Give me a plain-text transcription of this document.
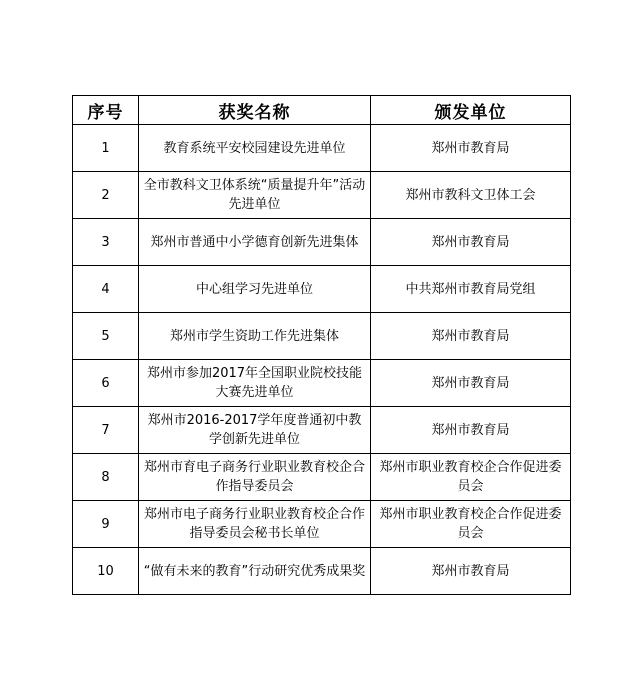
序号	获奖名称	颁发单位
1	教育系统平安校园建设先进单位	郑州市教育局
2	全市教科文卫体系统“质量提升年”活动先进单位	郑州市教科文卫体工会
3	郑州市普通中小学德育创新先进集体	郑州市教育局
4	中心组学习先进单位	中共郑州市教育局党组
5	郑州市学生资助工作先进集体	郑州市教育局
6	郑州市参加2017年全国职业院校技能大赛先进单位	郑州市教育局
7	郑州市2016-2017学年度普通初中教学创新先进单位	郑州市教育局
8	郑州市育电子商务行业职业教育校企合作指导委员会	郑州市职业教育校企合作促进委员会
9	郑州市电子商务行业职业教育校企合作指导委员会秘书长单位	郑州市职业教育校企合作促进委员会
10	“做有未来的教育”行动研究优秀成果奖	郑州市教育局
